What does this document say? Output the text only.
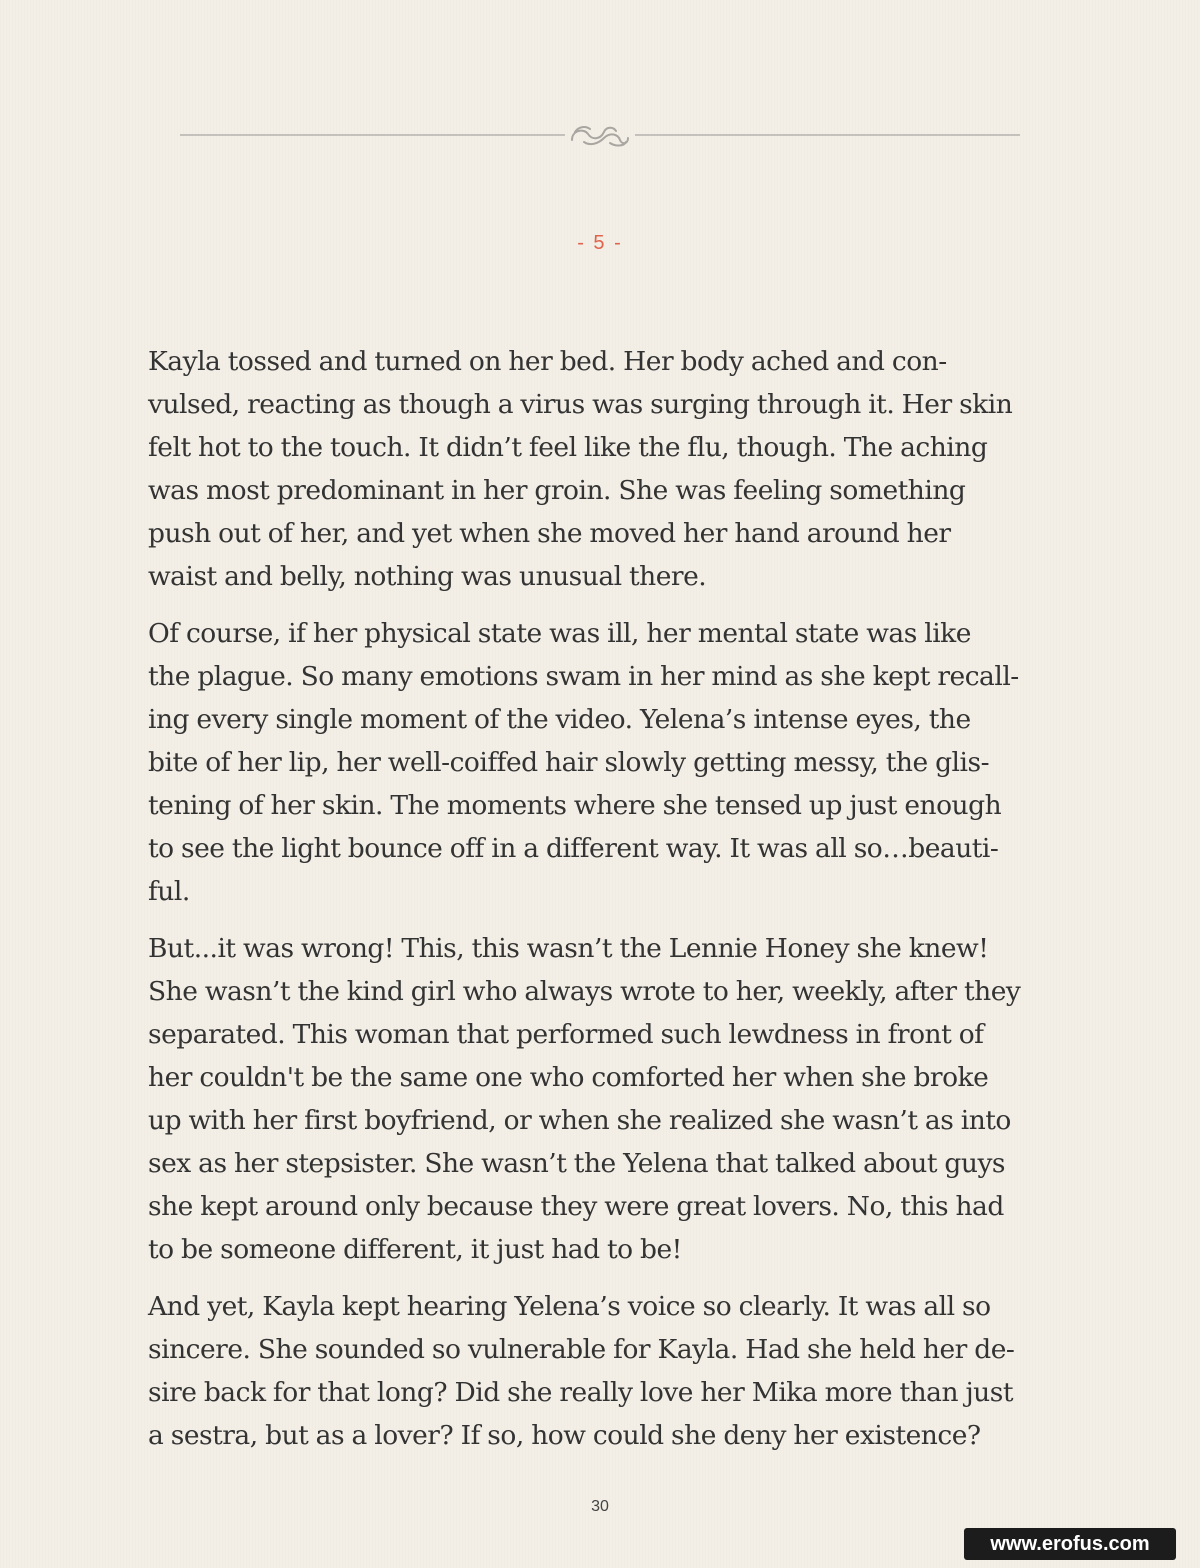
- 5 -

Kayla tossed and turned on her bed. Her body ached and con-
vulsed, reacting as though a virus was surging through it. Her skin
felt hot to the touch. It didn’t feel like the flu, though. The aching
was most predominant in her groin. She was feeling something
push out of her, and yet when she moved her hand around her
waist and belly, nothing was unusual there.

Of course, if her physical state was ill, her mental state was like
the plague. So many emotions swam in her mind as she kept recall-
ing every single moment of the video. Yelena’s intense eyes, the
bite of her lip, her well-coiffed hair slowly getting messy, the glis-
tening of her skin. The moments where she tensed up just enough
to see the light bounce off in a different way. It was all so…beauti-
ful.

But...it was wrong! This, this wasn’t the Lennie Honey she knew!
She wasn’t the kind girl who always wrote to her, weekly, after they
separated. This woman that performed such lewdness in front of
her couldn't be the same one who comforted her when she broke
up with her first boyfriend, or when she realized she wasn’t as into
sex as her stepsister. She wasn’t the Yelena that talked about guys
she kept around only because they were great lovers. No, this had
to be someone different, it just had to be!

And yet, Kayla kept hearing Yelena’s voice so clearly. It was all so
sincere. She sounded so vulnerable for Kayla. Had she held her de-
sire back for that long? Did she really love her Mika more than just
a sestra, but as a lover? If so, how could she deny her existence?

30
www.erofus.com
